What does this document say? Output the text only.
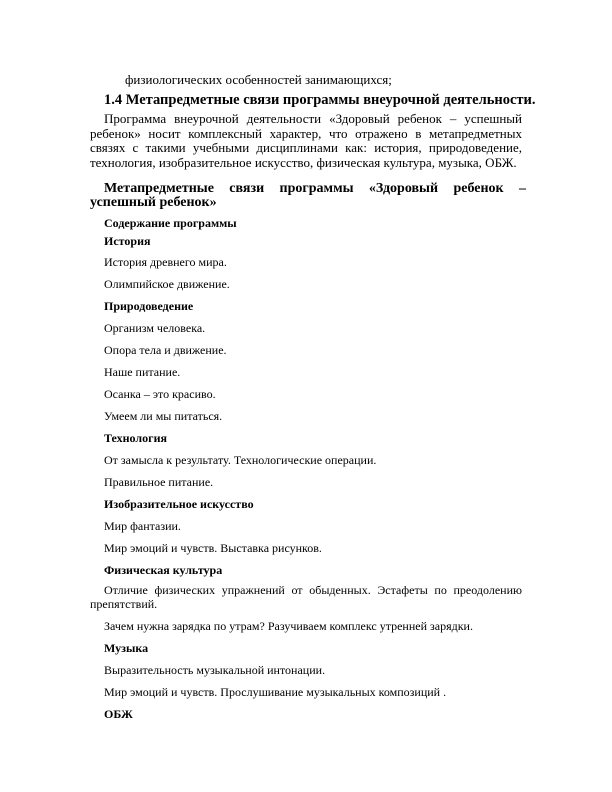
физиологических особенностей занимающихся;

1.4 Метапредметные связи программы внеурочной деятельности.

Программа внеурочной деятельности «Здоровый ребенок – успешный ребенок» носит комплексный характер, что отражено в метапредметных связях с такими учебными дисциплинами как: история, природоведение, технология, изобразительное искусство, физическая культура, музыка, ОБЖ.

Метапредметные связи программы «Здоровый ребенок – успешный ребенок»

Содержание программы

История

История древнего мира.

Олимпийское движение.

Природоведение

Организм человека.

Опора тела и движение.

Наше питание.

Осанка – это красиво.

Умеем ли мы питаться.

Технология

От замысла к результату. Технологические операции.

Правильное питание.

Изобразительное искусство

Мир фантазии.

Мир эмоций и чувств. Выставка рисунков.

Физическая культура

Отличие физических упражнений от обыденных. Эстафеты по преодолению препятствий.

Зачем нужна зарядка по утрам? Разучиваем комплекс утренней зарядки.

Музыка

Выразительность музыкальной интонации.

Мир эмоций и чувств. Прослушивание музыкальных композиций .

ОБЖ
